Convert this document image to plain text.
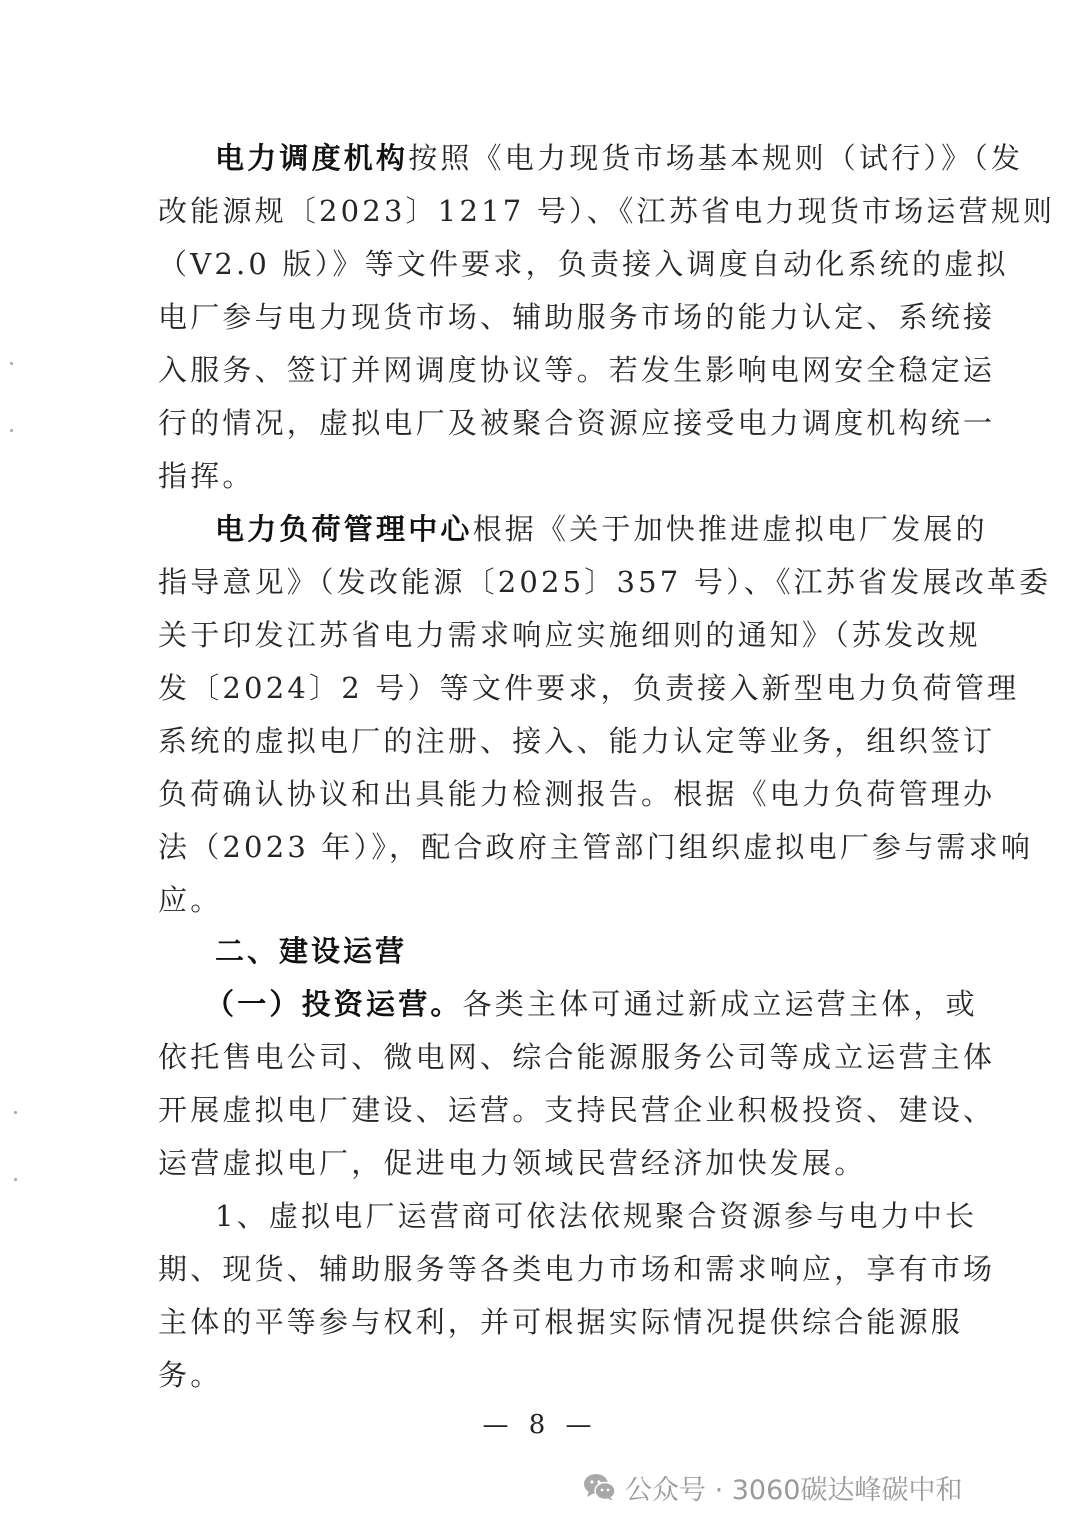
电力调度机构按照《电力现货市场基本规则（试行）》（发
改能源规〔2023〕1217 号）、《江苏省电力现货市场运营规则
（V2.0 版）》等文件要求，负责接入调度自动化系统的虚拟
电厂参与电力现货市场、辅助服务市场的能力认定、系统接
入服务、签订并网调度协议等。若发生影响电网安全稳定运
行的情况，虚拟电厂及被聚合资源应接受电力调度机构统一
指挥。
电力负荷管理中心根据《关于加快推进虚拟电厂发展的
指导意见》（发改能源〔2025〕357 号）、《江苏省发展改革委
关于印发江苏省电力需求响应实施细则的通知》（苏发改规
发〔2024〕2 号）等文件要求，负责接入新型电力负荷管理
系统的虚拟电厂的注册、接入、能力认定等业务，组织签订
负荷确认协议和出具能力检测报告。根据《电力负荷管理办
法（2023 年）》，配合政府主管部门组织虚拟电厂参与需求响
应。
二、建设运营
（一）投资运营。各类主体可通过新成立运营主体，或
依托售电公司、微电网、综合能源服务公司等成立运营主体
开展虚拟电厂建设、运营。支持民营企业积极投资、建设、
运营虚拟电厂，促进电力领域民营经济加快发展。
1、虚拟电厂运营商可依法依规聚合资源参与电力中长
期、现货、辅助服务等各类电力市场和需求响应，享有市场
主体的平等参与权利，并可根据实际情况提供综合能源服
务。
— 8 —
公众号 · 3060碳达峰碳中和
